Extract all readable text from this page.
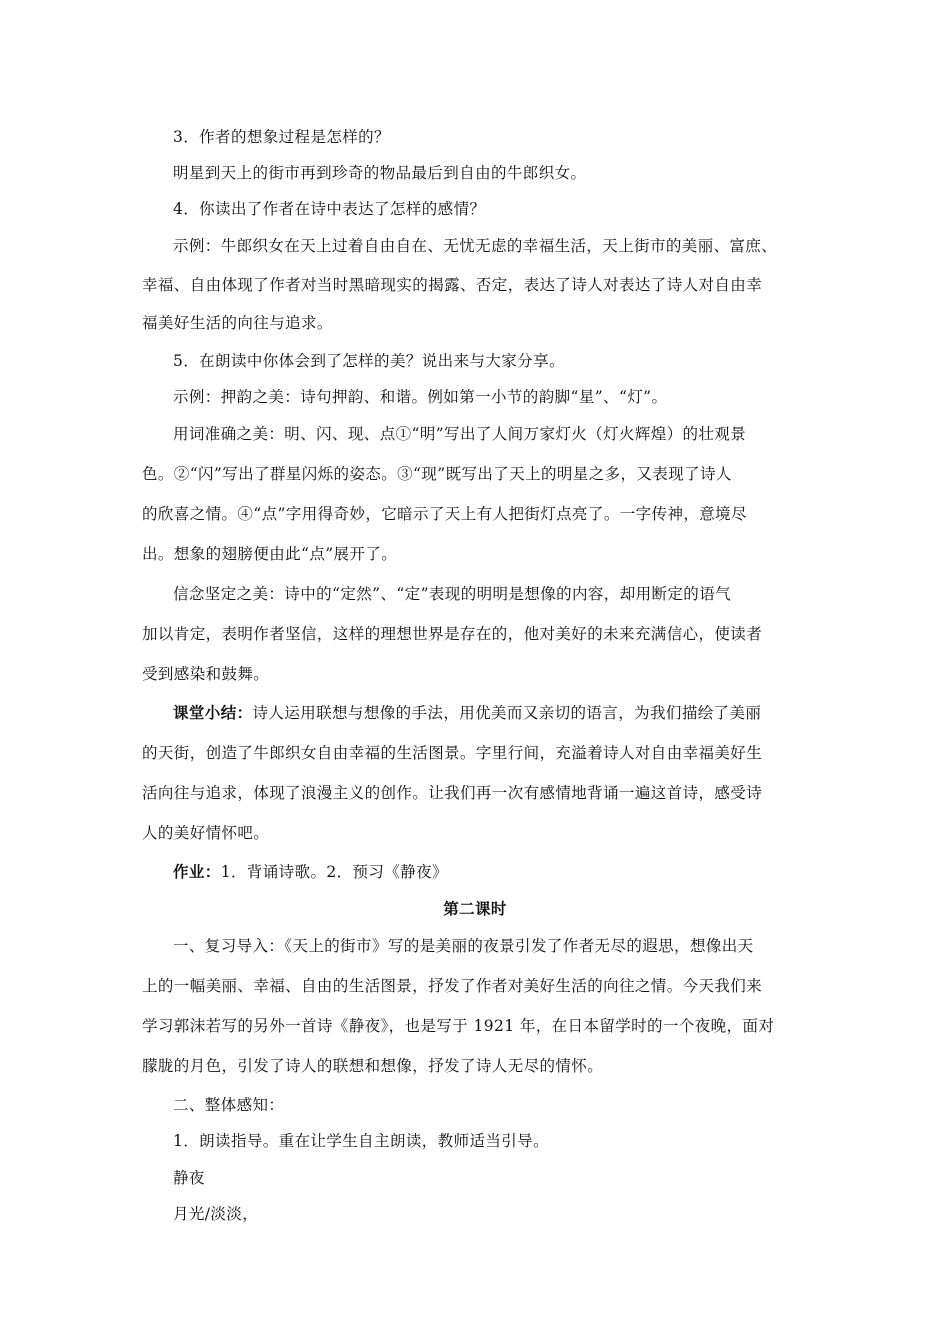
3．作者的想象过程是怎样的？
明星到天上的街市再到珍奇的物品最后到自由的牛郎织女。
4．你读出了作者在诗中表达了怎样的感情？
示例：牛郎织女在天上过着自由自在、无忧无虑的幸福生活，天上街市的美丽、富庶、
幸福、自由体现了作者对当时黑暗现实的揭露、否定，表达了诗人对表达了诗人对自由幸
福美好生活的向往与追求。
5．在朗读中你体会到了怎样的美？说出来与大家分享。
示例：押韵之美：诗句押韵、和谐。例如第一小节的韵脚“星”、“灯”。
用词准确之美：明、闪、现、点①“明”写出了人间万家灯火（灯火辉煌）的壮观景
色。②“闪”写出了群星闪烁的姿态。③“现”既写出了天上的明星之多，又表现了诗人
的欣喜之情。④“点”字用得奇妙，它暗示了天上有人把街灯点亮了。一字传神，意境尽
出。想象的翅膀便由此“点”展开了。
信念坚定之美：诗中的“定然”、“定”表现的明明是想像的内容，却用断定的语气
加以肯定，表明作者坚信，这样的理想世界是存在的，他对美好的未来充满信心，使读者
受到感染和鼓舞。
课堂小结：诗人运用联想与想像的手法，用优美而又亲切的语言，为我们描绘了美丽
的天街，创造了牛郎织女自由幸福的生活图景。字里行间，充溢着诗人对自由幸福美好生
活向往与追求，体现了浪漫主义的创作。让我们再一次有感情地背诵一遍这首诗，感受诗
人的美好情怀吧。
作业：1．背诵诗歌。2．预习《静夜》
第二课时
一、复习导入：《天上的街市》写的是美丽的夜景引发了作者无尽的遐思，想像出天
上的一幅美丽、幸福、自由的生活图景，抒发了作者对美好生活的向往之情。今天我们来
学习郭沫若写的另外一首诗《静夜》，也是写于 1921 年，在日本留学时的一个夜晚，面对
朦胧的月色，引发了诗人的联想和想像，抒发了诗人无尽的情怀。
二、整体感知：
1．朗读指导。重在让学生自主朗读，教师适当引导。
静夜
月光/淡淡，
